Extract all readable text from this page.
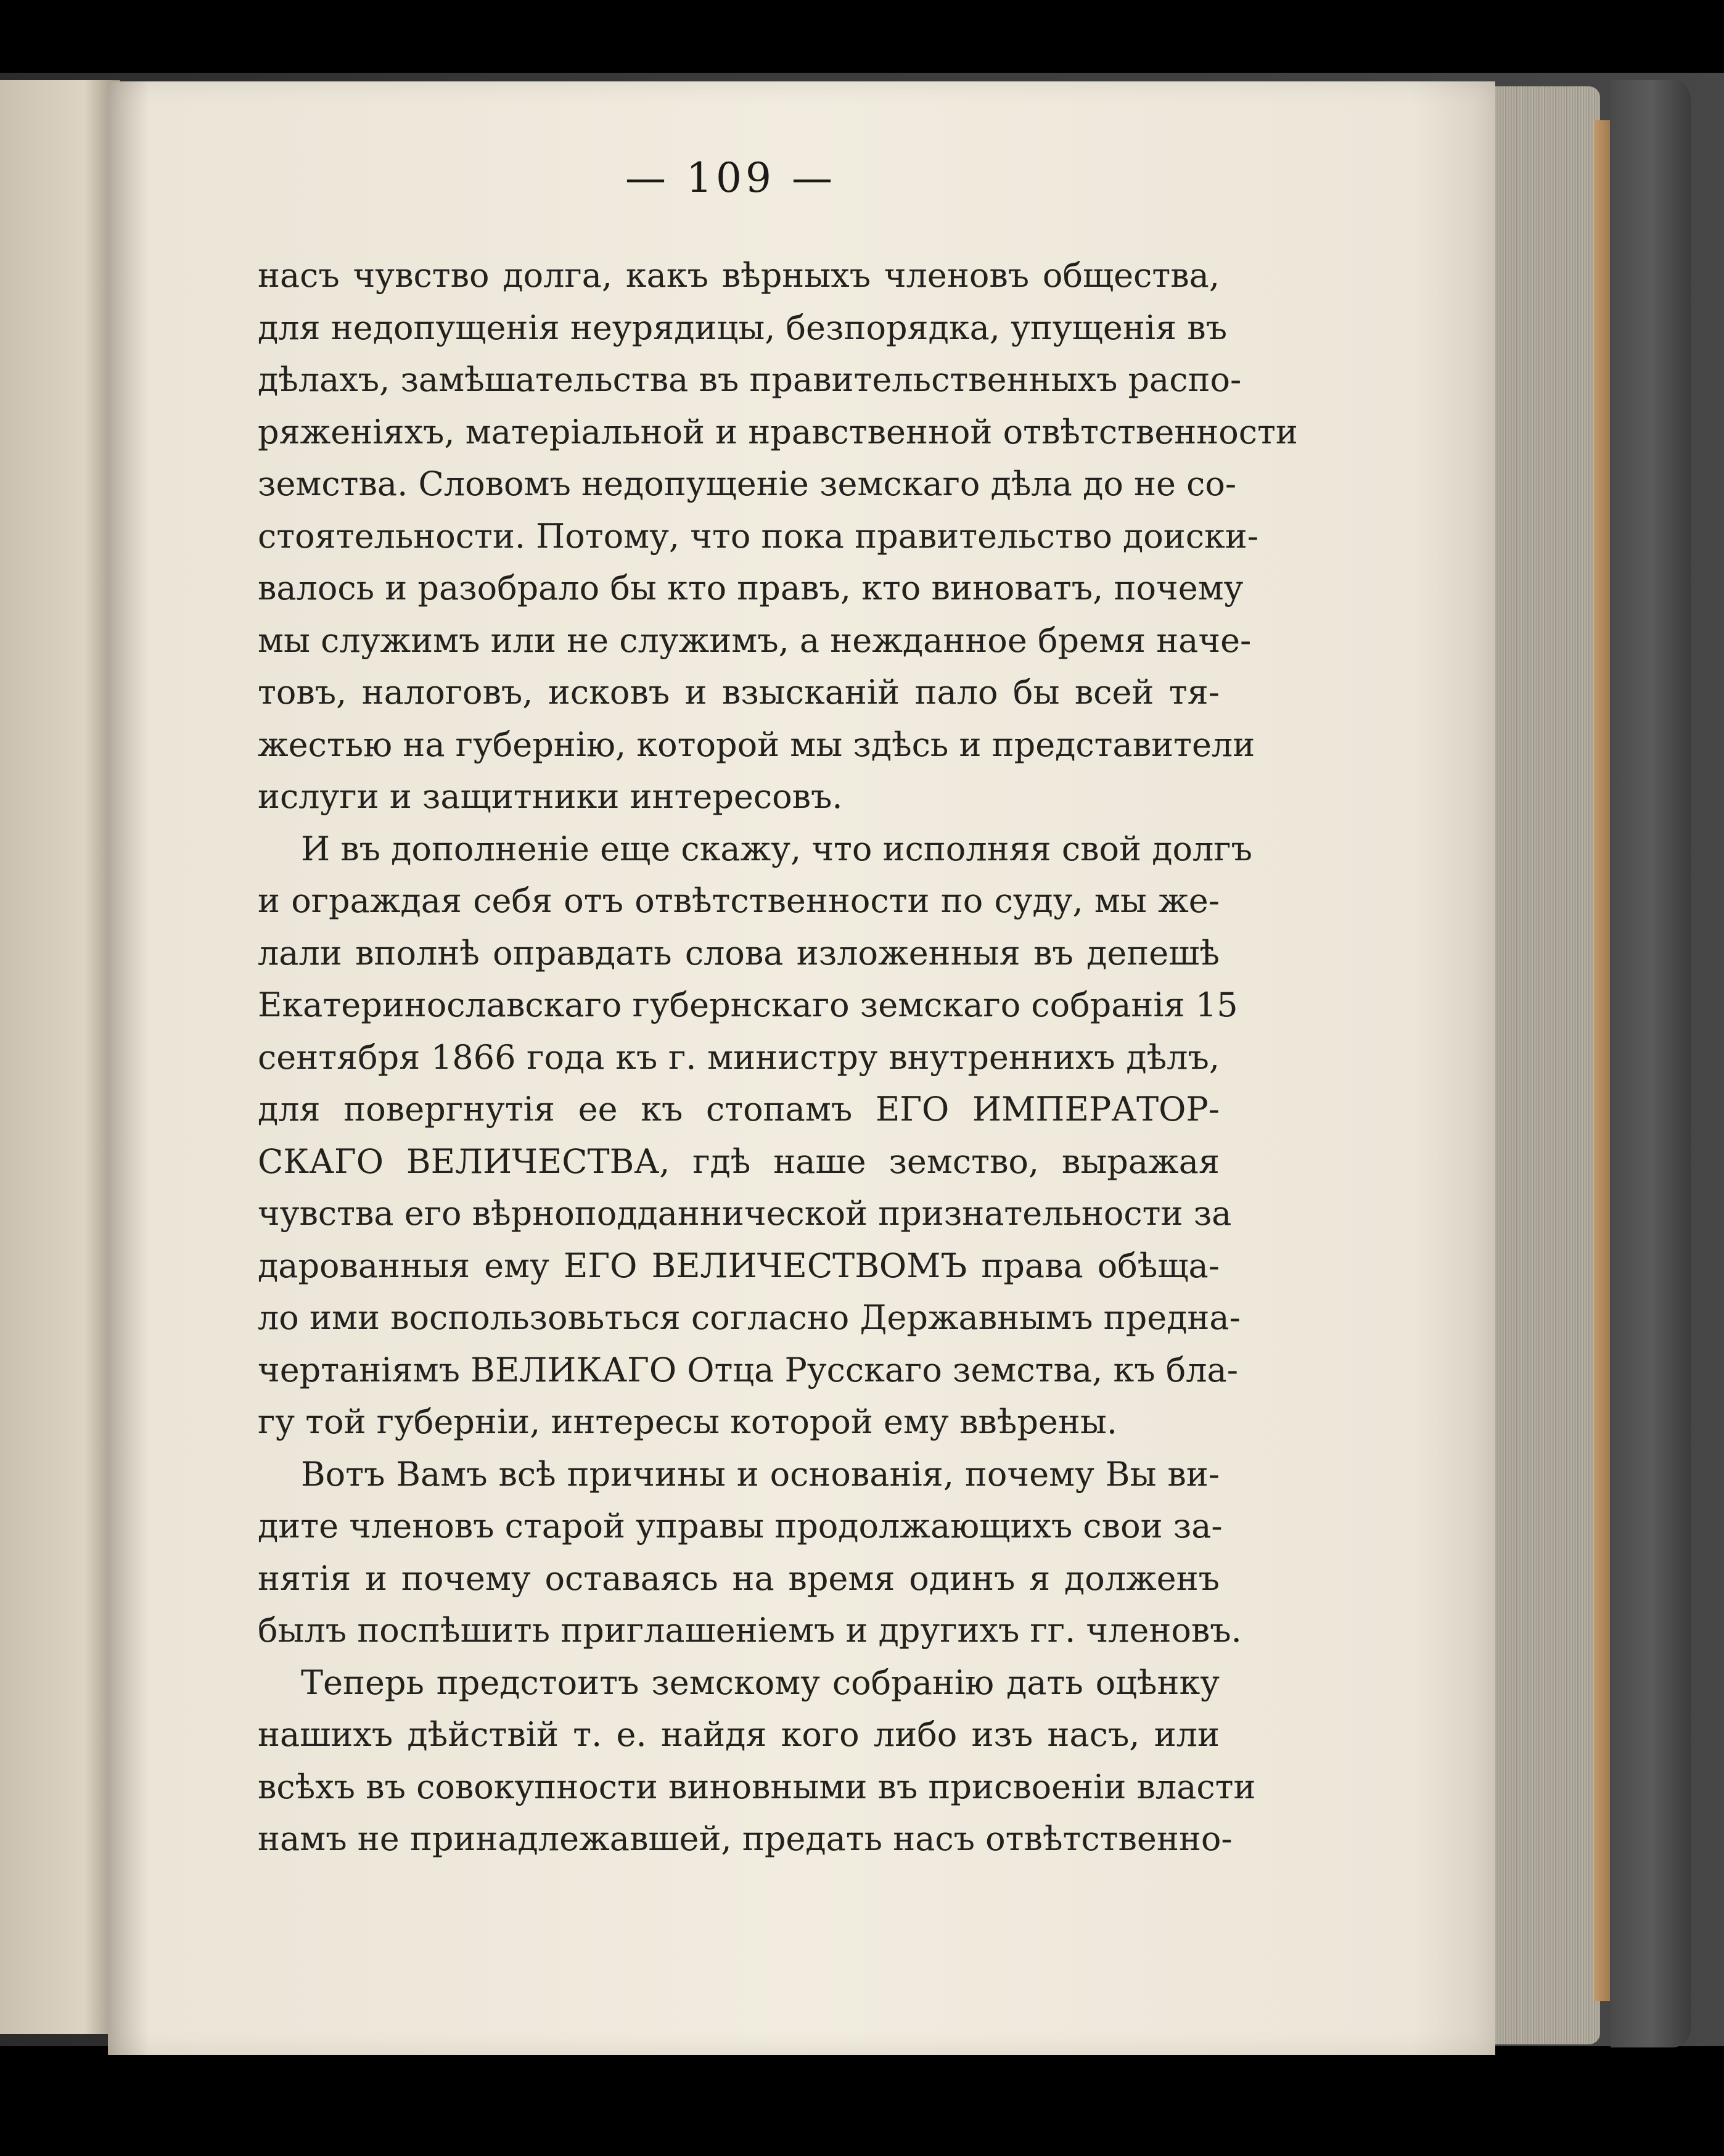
— 109 —
насъ чувство долга, какъ вѣрныхъ членовъ общества,
для недопущенія неурядицы, безпорядка, упущенія въ
дѣлахъ, замѣшательства въ правительственныхъ распо-
ряженіяхъ, матеріальной и нравственной отвѣтственности
земства. Словомъ недопущеніе земскаго дѣла до не со-
стоятельности. Потому, что пока правительство доиски-
валось и разобрало бы кто правъ, кто виноватъ, почему
мы служимъ или не служимъ, а нежданное бремя наче-
товъ, налоговъ, исковъ и взысканій пало бы всей тя-
жестью на губернію, которой мы здѣсь и представители
ислуги и защитники интересовъ.
И въ дополненіе еще скажу, что исполняя свой долгъ
и ограждая себя отъ отвѣтственности по суду, мы же-
лали вполнѣ оправдать слова изложенныя въ депешѣ
Екатеринославскаго губернскаго земскаго собранія 15
сентября 1866 года къ г. министру внутреннихъ дѣлъ,
для повергнутія ее къ стопамъ ЕГО ИМПЕРАТОР-
СКАГО ВЕЛИЧЕСТВА, гдѣ наше земство, выражая
чувства его вѣрноподданнической признательности за
дарованныя ему ЕГО ВЕЛИЧЕСТВОМЪ права обѣща-
ло ими воспользовьться согласно Державнымъ предна-
чертаніямъ ВЕЛИКАГО Отца Русскаго земства, къ бла-
гу той губерніи, интересы которой ему ввѣрены.
Вотъ Вамъ всѣ причины и основанія, почему Вы ви-
дите членовъ старой управы продолжающихъ свои за-
нятія и почему оставаясь на время одинъ я долженъ
былъ поспѣшить приглашеніемъ и другихъ гг. членовъ.
Теперь предстоитъ земскому собранію дать оцѣнку
нашихъ дѣйствій т. е. найдя кого либо изъ насъ, или
всѣхъ въ совокупности виновными въ присвоеніи власти
намъ не принадлежавшей, предать насъ отвѣтственно-
